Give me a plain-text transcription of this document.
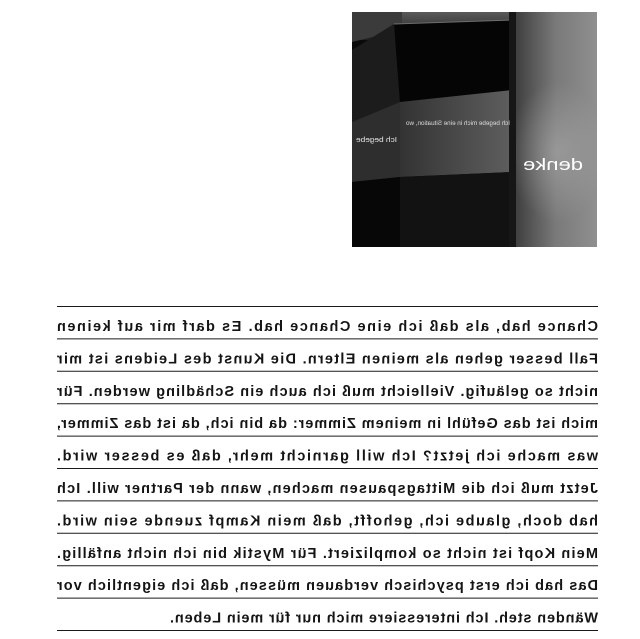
Ich begebe mich in eine Situation, wo
Ich begebe
denke
Chance hab, als daß ich eine Chance hab. Es darf mir auf keinen
Fall besser gehen als meinen Eltern. Die Kunst des Leidens ist mir
nicht so geläufig. Vielleicht muß ich auch ein Schädling werden. Für
mich ist das Gefühl in meinem Zimmer: da bin ich, da ist das Zimmer,
was mache ich jetzt? Ich will garnicht mehr, daß es besser wird.
Jetzt muß ich die Mittagspausen machen, wann der Partner will. Ich
hab doch, glaube ich, gehofft, daß mein Kampf zuende sein wird.
Mein Kopf ist nicht so kompliziert. Für Mystik bin ich nicht anfällig.
Das hab ich erst psychisch verdauen müssen, daß ich eigentlich vor
Wänden steh. Ich interessiere mich nur für mein Leben.
